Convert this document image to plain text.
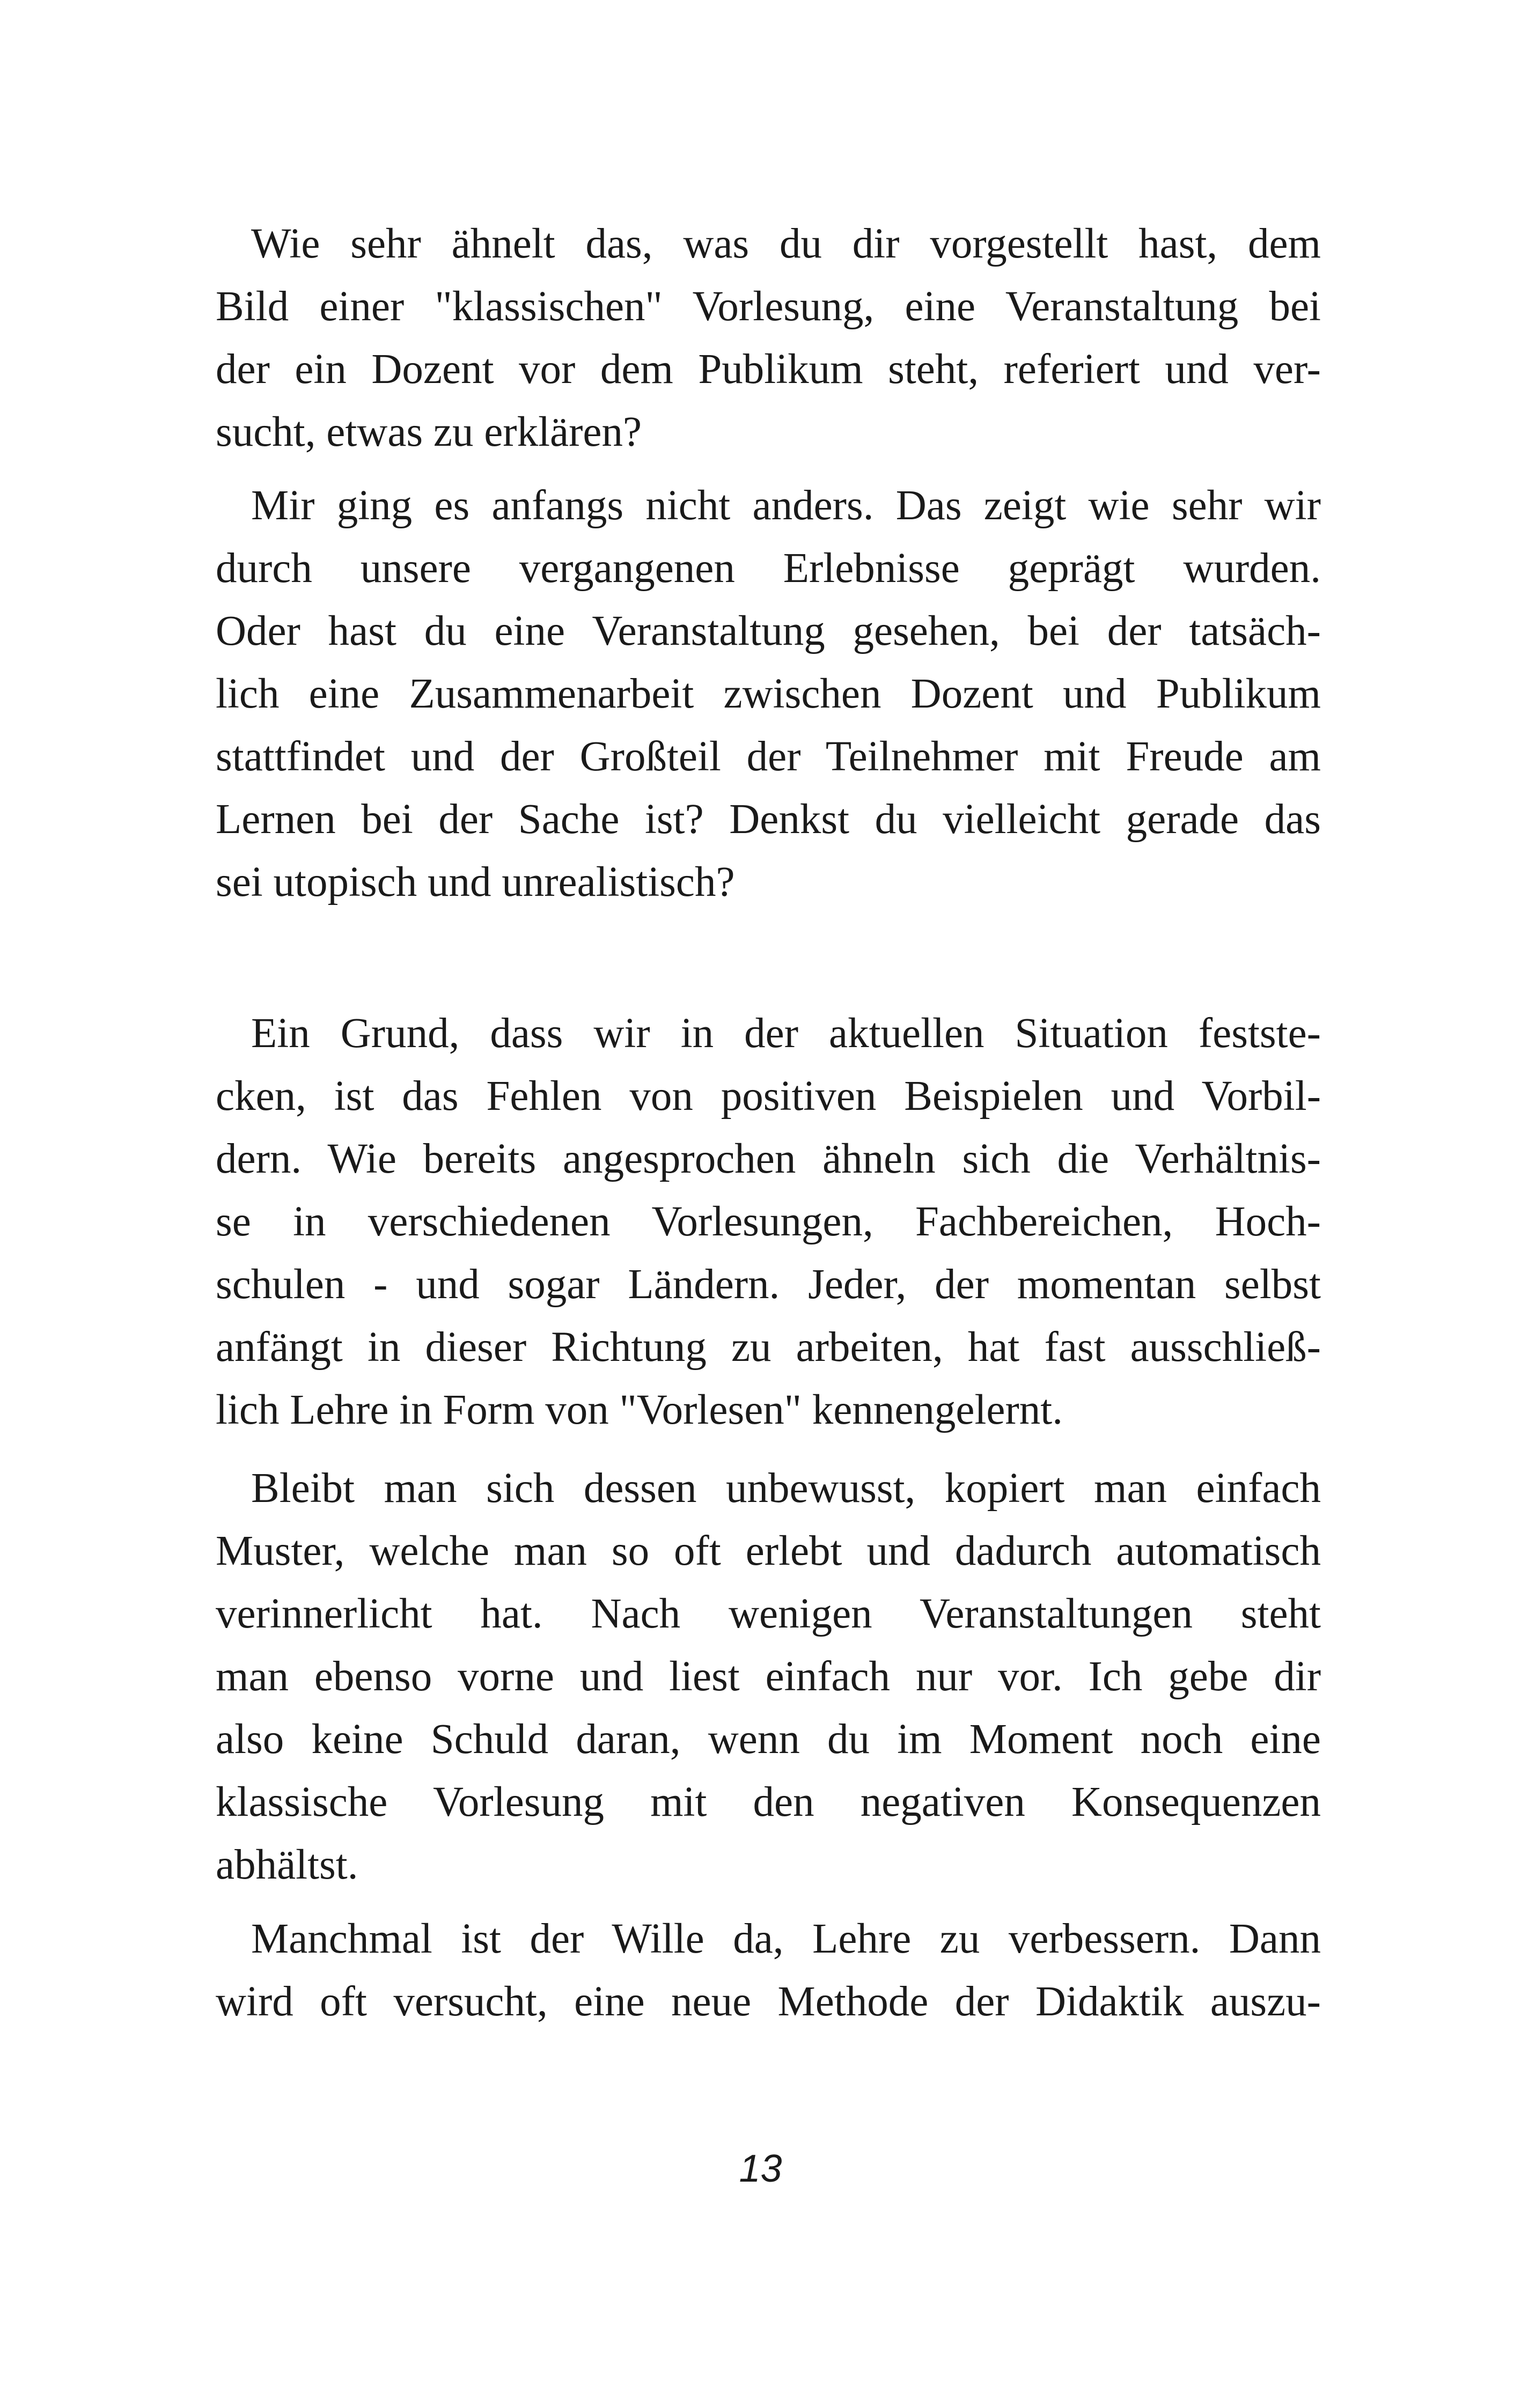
Wie sehr ähnelt das, was du dir vorgestellt hast, dem
Bild einer "klassischen" Vorlesung, eine Veranstaltung bei
der ein Dozent vor dem Publikum steht, referiert und ver-
sucht, etwas zu erklären?
Mir ging es anfangs nicht anders. Das zeigt wie sehr wir
durch unsere vergangenen Erlebnisse geprägt wurden.
Oder hast du eine Veranstaltung gesehen, bei der tatsäch-
lich eine Zusammenarbeit zwischen Dozent und Publikum
stattfindet und der Großteil der Teilnehmer mit Freude am
Lernen bei der Sache ist? Denkst du vielleicht gerade das
sei utopisch und unrealistisch?
Ein Grund, dass wir in der aktuellen Situation festste-
cken, ist das Fehlen von positiven Beispielen und Vorbil-
dern. Wie bereits angesprochen ähneln sich die Verhältnis-
se in verschiedenen Vorlesungen, Fachbereichen, Hoch-
schulen - und sogar Ländern. Jeder, der momentan selbst
anfängt in dieser Richtung zu arbeiten, hat fast ausschließ-
lich Lehre in Form von "Vorlesen" kennengelernt.
Bleibt man sich dessen unbewusst, kopiert man einfach
Muster, welche man so oft erlebt und dadurch automatisch
verinnerlicht hat. Nach wenigen Veranstaltungen steht
man ebenso vorne und liest einfach nur vor. Ich gebe dir
also keine Schuld daran, wenn du im Moment noch eine
klassische Vorlesung mit den negativen Konsequenzen
abhältst.
Manchmal ist der Wille da, Lehre zu verbessern. Dann
wird oft versucht, eine neue Methode der Didaktik auszu-
13
